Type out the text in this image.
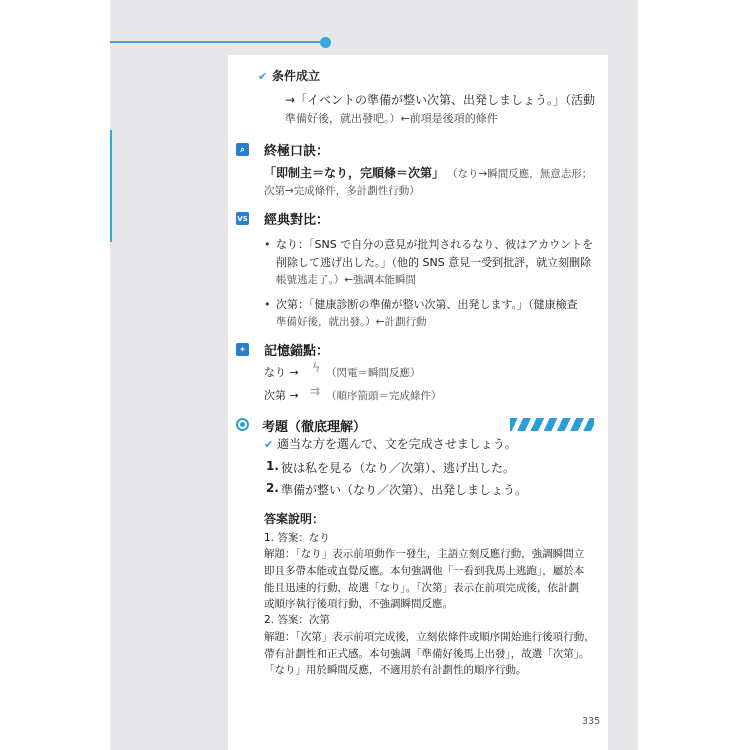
✔ 条件成立
→「イベントの準備が整い次第、出発しましょう。」（活動
準備好後，就出發吧。）←前項是後項的條件
⌕	終極口訣：
「即制主＝なり，完順條＝次第」 （なり→瞬間反應，無意志形；
次第→完成條件，多計劃性行動）
VS 經典對比：
• なり：「SNS で自分の意見が批判されるなり、彼はアカウントを
削除して逃げ出した。」（他的 SNS 意見一受到批評，就立刻刪除
帳號逃走了。）←強調本能瞬間
• 次第：「健康診断の準備が整い次第、出発します。」（健康檢查
準備好後，就出發。）←計劃行動
✦ 記憶錨點：
なり → ϟ （閃電＝瞬間反應）
次第 → ⇉ （順序箭頭＝完成條件）
考題（徹底理解）
✔ 適当な方を選んで、文を完成させましょう。
1. 彼は私を見る（なり／次第）、逃げ出した。
2. 準備が整い（なり／次第）、出発しましょう。
答案說明：
1. 答案：なり
解題：「なり」表示前項動作一發生，主語立刻反應行動，強調瞬間立
即且多帶本能或直覺反應。本句強調他「一看到我馬上逃跑」，屬於本
能且迅速的行動，故選「なり」。「次第」表示在前項完成後，依計劃
或順序執行後項行動，不強調瞬間反應。
2. 答案：次第
解題：「次第」表示前項完成後，立刻依條件或順序開始進行後項行動，
帶有計劃性和正式感。本句強調「準備好後馬上出發」，故選「次第」。
「なり」用於瞬間反應，不適用於有計劃性的順序行動。
335
